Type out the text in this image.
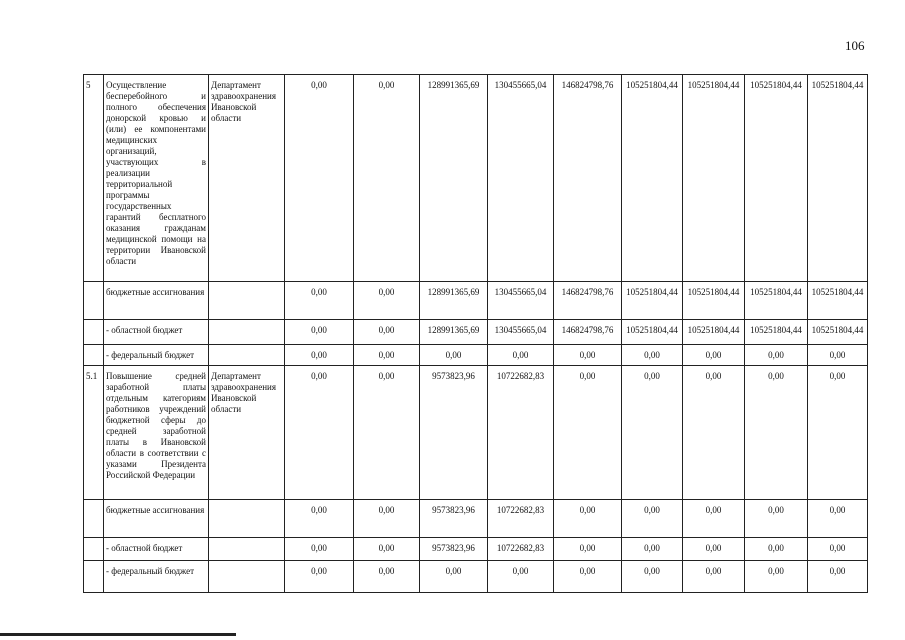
106
5	Осуществление бесперебойного и полного обеспечения донорской кровью и (или) ее компонентами медицинских организаций, участвующих в реализации территориальной программы государственных гарантий бесплатного оказания гражданам медицинской помощи на территории Ивановской области	Департамент здравоохранения Ивановской области	0,00	0,00	128991365,69	130455665,04	146824798,76	105251804,44	105251804,44	105251804,44	105251804,44
	бюджетные ассигнования		0,00	0,00	128991365,69	130455665,04	146824798,76	105251804,44	105251804,44	105251804,44	105251804,44
	- областной бюджет		0,00	0,00	128991365,69	130455665,04	146824798,76	105251804,44	105251804,44	105251804,44	105251804,44
	- федеральный бюджет		0,00	0,00	0,00	0,00	0,00	0,00	0,00	0,00	0,00
5.1	Повышение средней заработной платы отдельным категориям работников учреждений бюджетной сферы до средней заработной платы в Ивановской области в соответствии с указами Президента Российской Федерации	Департамент здравоохранения Ивановской области	0,00	0,00	9573823,96	10722682,83	0,00	0,00	0,00	0,00	0,00
	бюджетные ассигнования		0,00	0,00	9573823,96	10722682,83	0,00	0,00	0,00	0,00	0,00
	- областной бюджет		0,00	0,00	9573823,96	10722682,83	0,00	0,00	0,00	0,00	0,00
	- федеральный бюджет		0,00	0,00	0,00	0,00	0,00	0,00	0,00	0,00	0,00
